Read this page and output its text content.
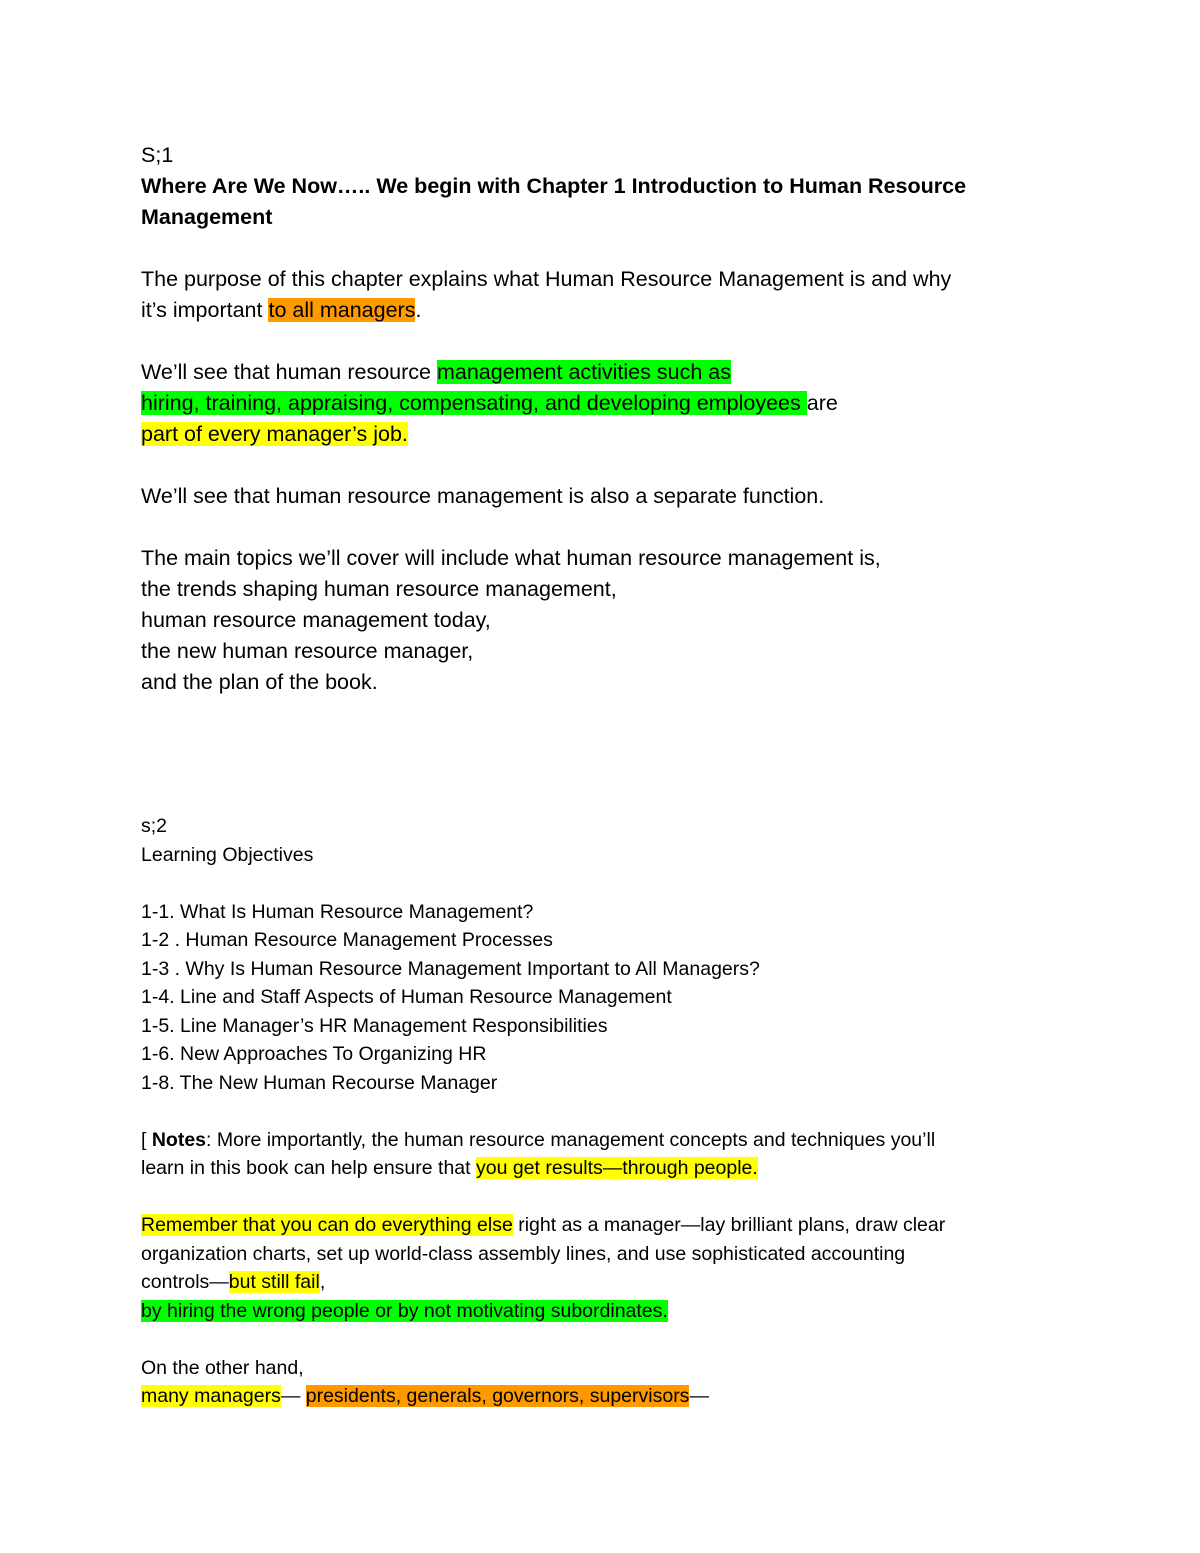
S;1
Where Are We Now….. We begin with Chapter 1 Introduction to Human Resource
Management
The purpose of this chapter explains what Human Resource Management is and why
it’s important to all managers.
We’ll see that human resource management activities such as
hiring, training, appraising, compensating, and developing employees are
part of every manager’s job.
We’ll see that human resource management is also a separate function.
The main topics we’ll cover will include what human resource management is,
the trends shaping human resource management,
human resource management today,
the new human resource manager,
and the plan of the book.
s;2
Learning Objectives
1-1. What Is Human Resource Management?
1-2 . Human Resource Management Processes
1-3 . Why Is Human Resource Management Important to All Managers?
1-4. Line and Staff Aspects of Human Resource Management
1-5. Line Manager’s HR Management Responsibilities
1-6. New Approaches To Organizing HR
1-8. The New Human Recourse Manager
[ Notes: More importantly, the human resource management concepts and techniques you’ll
learn in this book can help ensure that you get results—through people.
Remember that you can do everything else right as a manager—lay brilliant plans, draw clear
organization charts, set up world-class assembly lines, and use sophisticated accounting
controls—but still fail,
by hiring the wrong people or by not motivating subordinates.
On the other hand,
many managers— presidents, generals, governors, supervisors—
